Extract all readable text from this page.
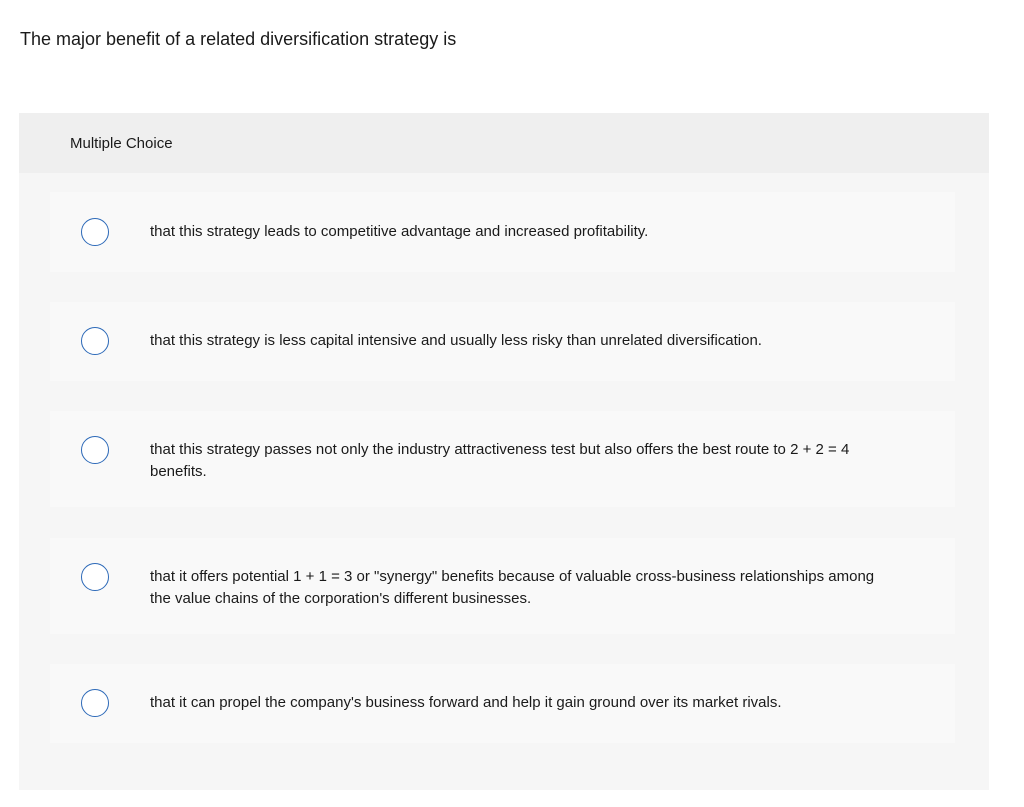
The major benefit of a related diversification strategy is
Multiple Choice
that this strategy leads to competitive advantage and increased profitability.
that this strategy is less capital intensive and usually less risky than unrelated diversification.
that this strategy passes not only the industry attractiveness test but also offers the best route to 2 + 2 = 4 benefits.
that it offers potential 1 + 1 = 3 or "synergy" benefits because of valuable cross-business relationships among the value chains of the corporation's different businesses.
that it can propel the company's business forward and help it gain ground over its market rivals.
